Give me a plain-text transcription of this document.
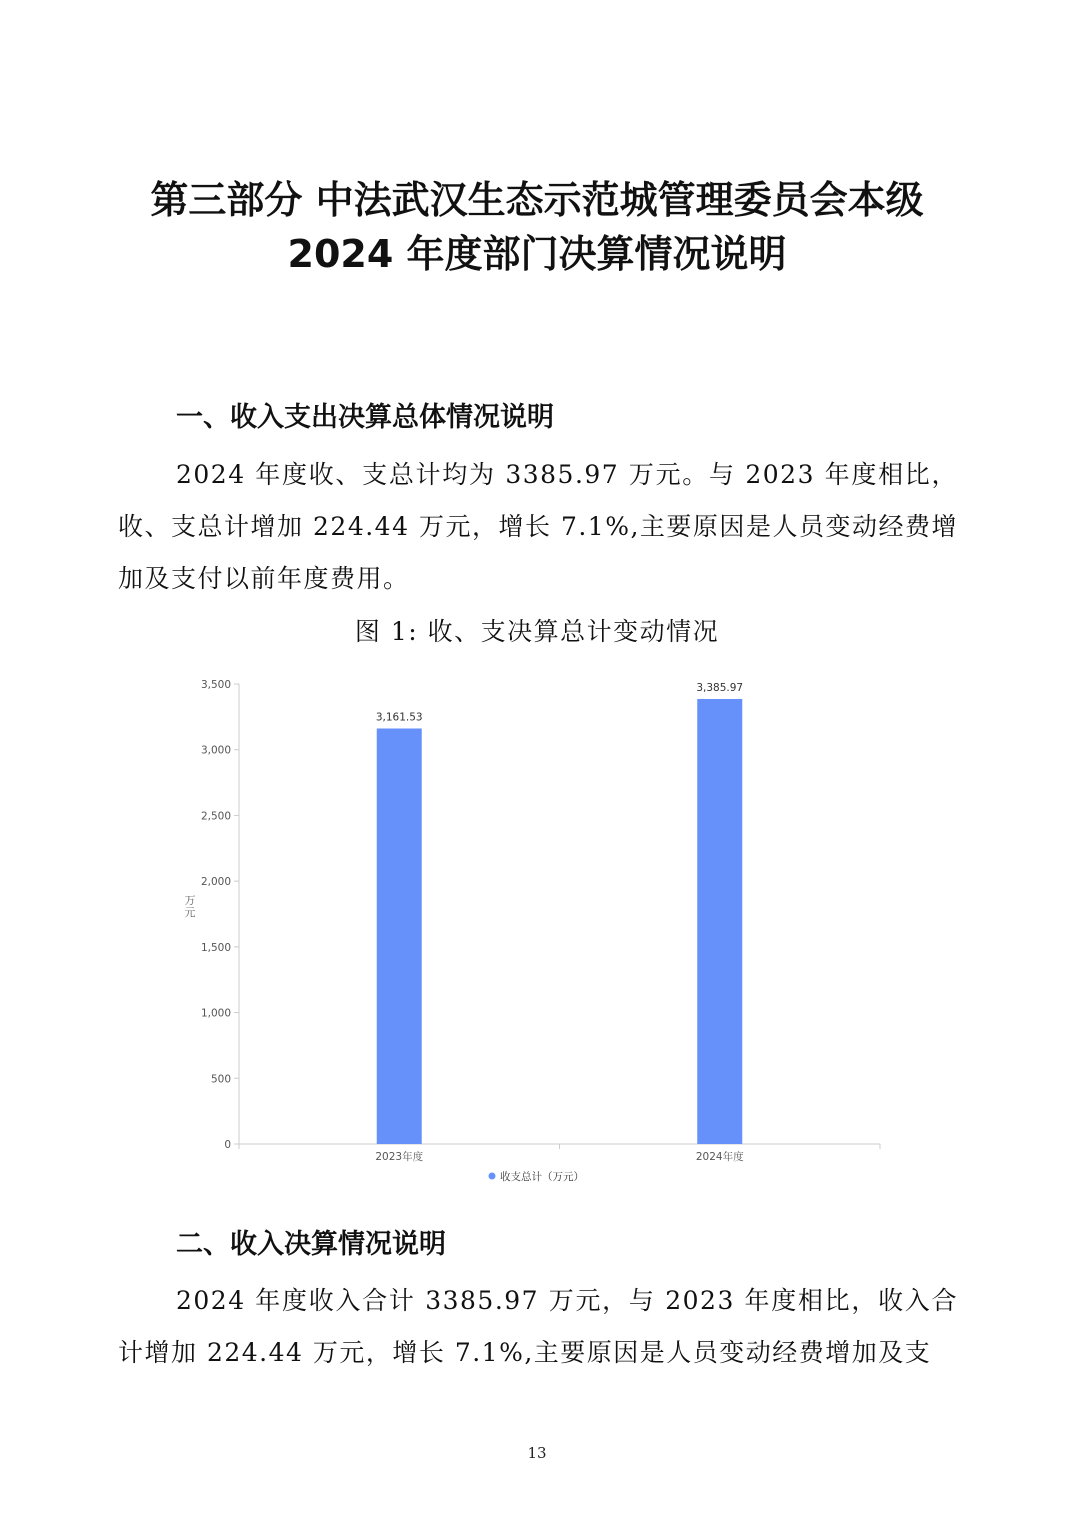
第三部分 中法武汉生态示范城管理委员会本级
2024 年度部门决算情况说明
一、收入支出决算总体情况说明

2024 年度收、支总计均为 3385.97 万元。与 2023 年度相比，收、支总计增加 224.44 万元，增长 7.1%,主要原因是人员变动经费增加及支付以前年度费用。

图 1: 收、支决算总计变动情况

0
500
1,000
1,500
2,000
2,500
3,000
3,500
2023年度	2024年度
3,161.53
3,385.97
万元
收支总计（万元）
二、收入决算情况说明

2024 年度收入合计 3385.97 万元，与 2023 年度相比，收入合计增加 224.44 万元，增长 7.1%,主要原因是人员变动经费增加及支

13
